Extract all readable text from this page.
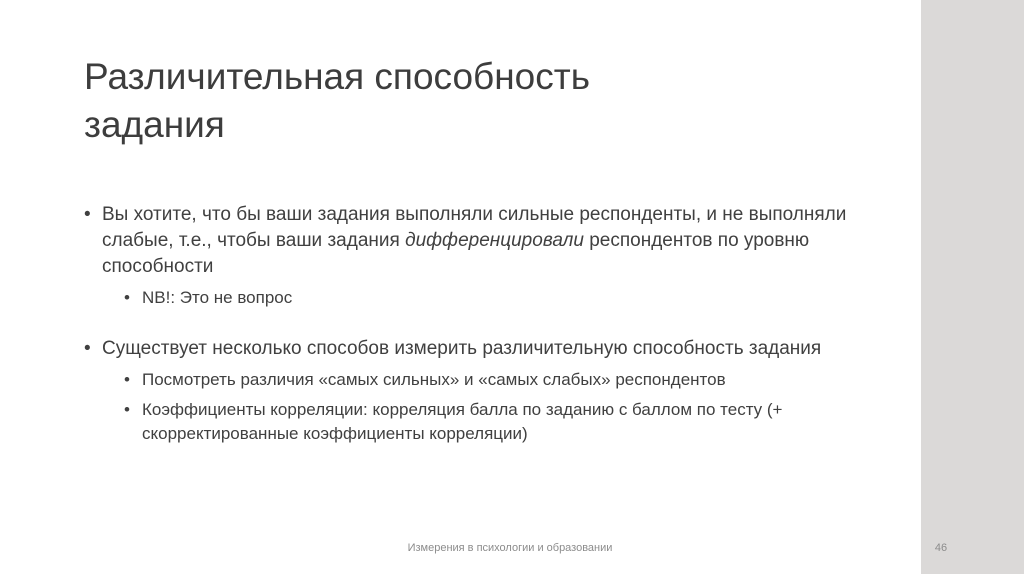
Различительная способность
задания
• Вы хотите, что бы ваши задания выполняли сильные респонденты, и не выполняли слабые, т.е., чтобы ваши задания дифференцировали респондентов по уровню способности
• NB!: Это не вопрос
• Существует несколько способов измерить различительную способность задания
• Посмотреть различия «самых сильных» и «самых слабых» респондентов
• Коэффициенты корреляции: корреляция балла по заданию с баллом по тесту (+ скорректированные коэффициенты корреляции)
Измерения в психологии и образовании	46
